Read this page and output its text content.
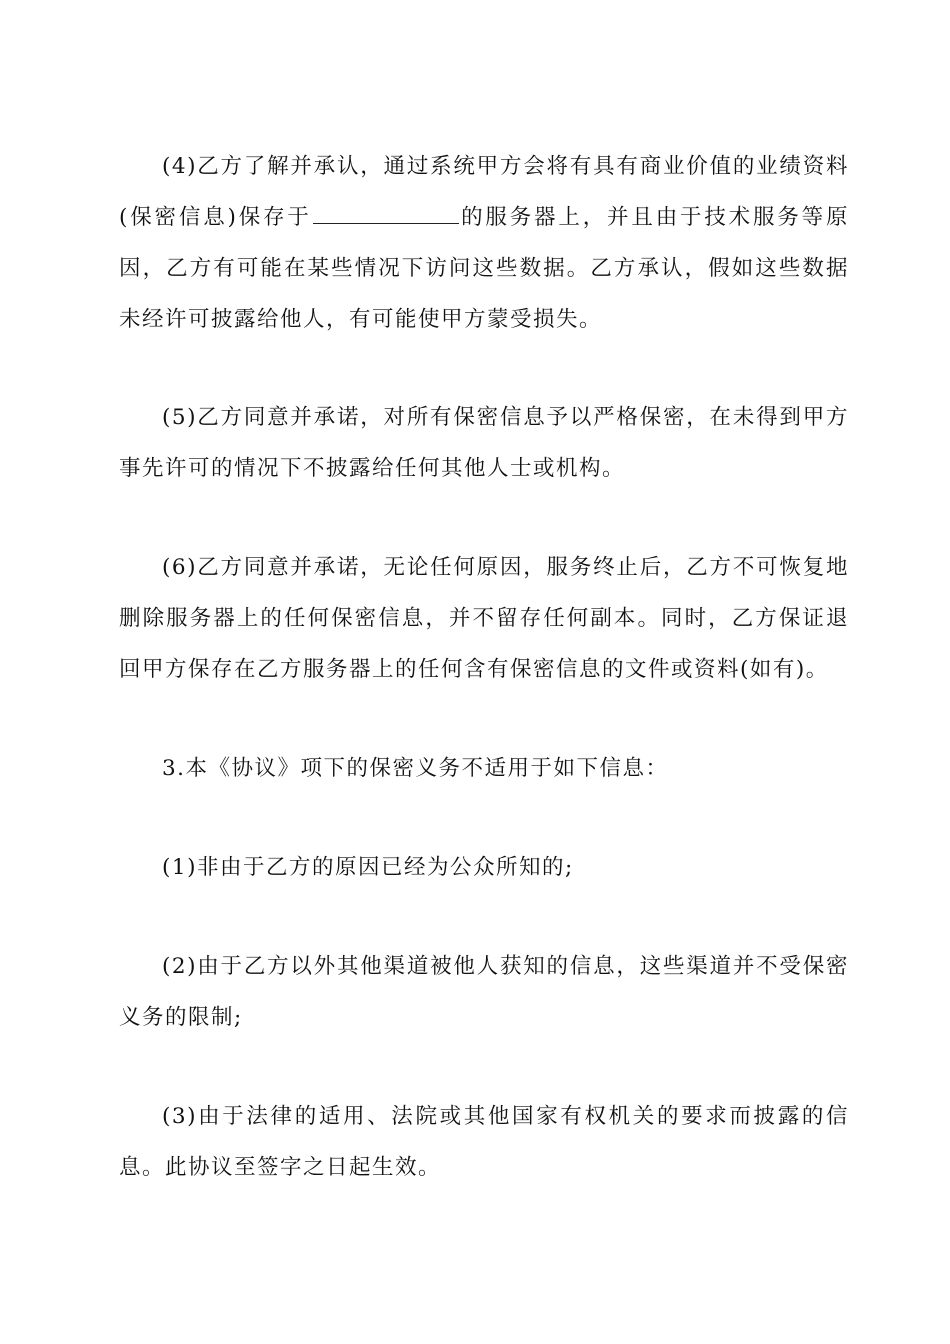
(4)乙方了解并承认，通过系统甲方会将有具有商业价值的业绩资料(保密信息)保存于	的服务器上，并且由于技术服务等原因，乙方有可能在某些情况下访问这些数据。乙方承认，假如这些数据未经许可披露给他人，有可能使甲方蒙受损失。

(5)乙方同意并承诺，对所有保密信息予以严格保密，在未得到甲方事先许可的情况下不披露给任何其他人士或机构。

(6)乙方同意并承诺，无论任何原因，服务终止后，乙方不可恢复地删除服务器上的任何保密信息，并不留存任何副本。同时，乙方保证退回甲方保存在乙方服务器上的任何含有保密信息的文件或资料(如有)。

3.本《协议》项下的保密义务不适用于如下信息：

(1)非由于乙方的原因已经为公众所知的;

(2)由于乙方以外其他渠道被他人获知的信息，这些渠道并不受保密义务的限制;

(3)由于法律的适用、法院或其他国家有权机关的要求而披露的信息。此协议至签字之日起生效。
